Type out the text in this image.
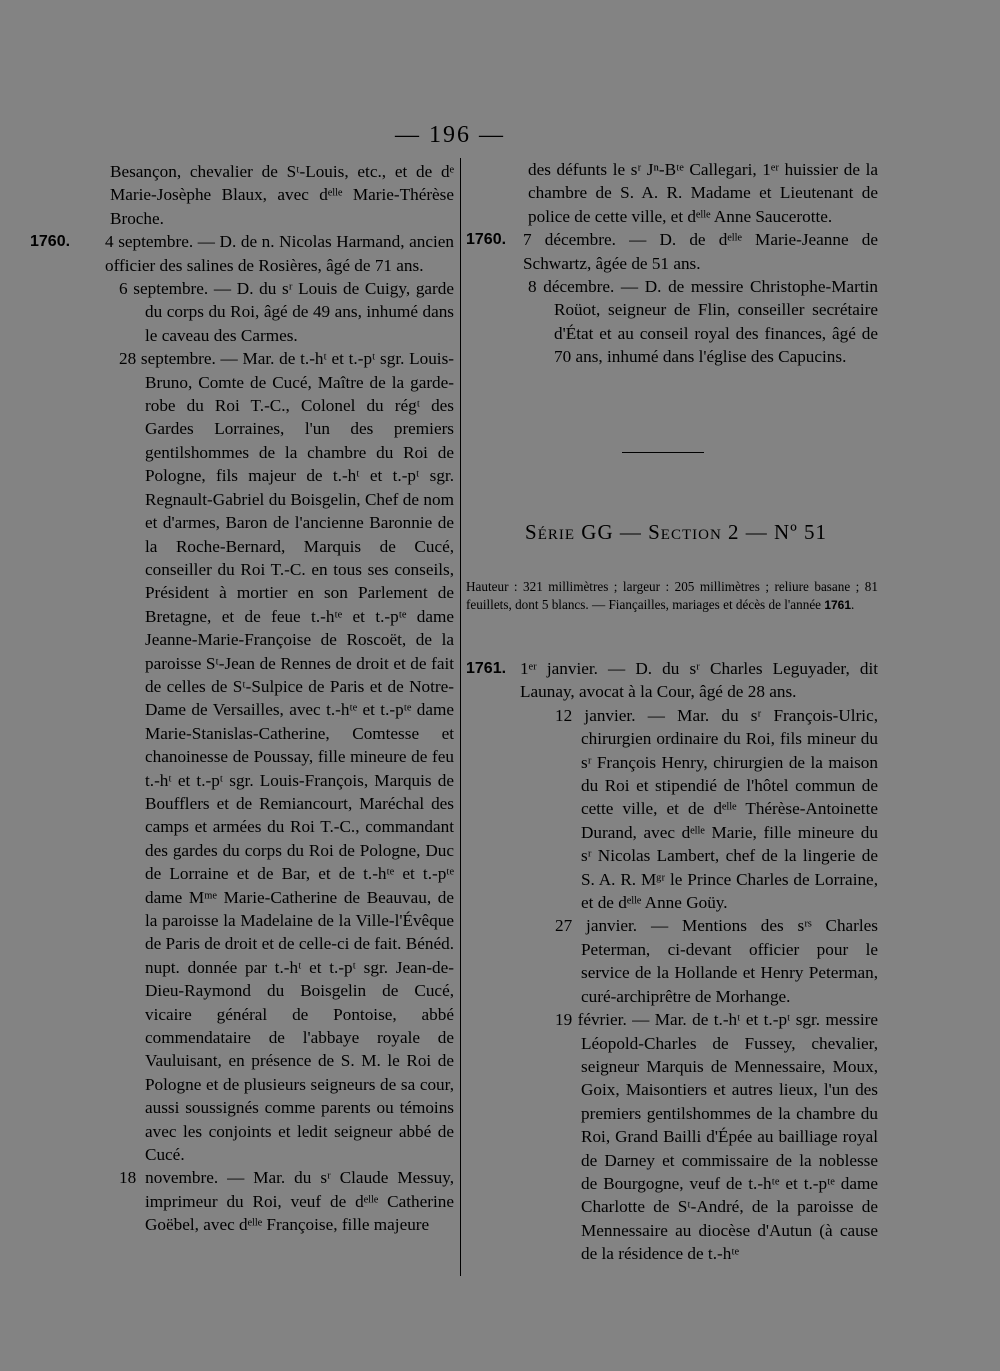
— 196 —
Besançon, chevalier de Sᵗ-Louis, etc., et de dᵉ Marie-Josèphe Blaux, avec dᵉˡˡᵉ Marie-Thérèse Broche.
1760.	4 septembre. — D. de n. Nicolas Harmand, ancien officier des salines de Rosières, âgé de 71 ans.
6 septembre. — D. du sʳ Louis de Cuigy, garde du corps du Roi, âgé de 49 ans, inhumé dans le caveau des Carmes.
28 septembre. — Mar. de t.-hᵗ et t.-pᵗ sgr. Louis-Bruno, Comte de Cucé, Maître de la garde-robe du Roi T.-C., Colonel du régᵗ des Gardes Lorraines, l'un des premiers gentilshommes de la chambre du Roi de Pologne, fils majeur de t.-hᵗ et t.-pᵗ sgr. Regnault-Gabriel du Boisgelin, Chef de nom et d'armes, Baron de l'ancienne Baronnie de la Roche-Bernard, Marquis de Cucé, conseiller du Roi T.-C. en tous ses conseils, Président à mortier en son Parlement de Bretagne, et de feue t.-hᵗᵉ et t.-pᵗᵉ dame Jeanne-Marie-Françoise de Roscoët, de la paroisse Sᵗ-Jean de Rennes de droit et de fait de celles de Sᵗ-Sulpice de Paris et de Notre-Dame de Versailles, avec t.-hᵗᵉ et t.-pᵗᵉ dame Marie-Stanislas-Catherine, Comtesse et chanoinesse de Poussay, fille mineure de feu t.-hᵗ et t.-pᵗ sgr. Louis-François, Marquis de Boufflers et de Remiancourt, Maréchal des camps et armées du Roi T.-C., commandant des gardes du corps du Roi de Pologne, Duc de Lorraine et de Bar, et de t.-hᵗᵉ et t.-pᵗᵉ dame Mᵐᵉ Marie-Catherine de Beauvau, de la paroisse la Madelaine de la Ville-l'Évêque de Paris de droit et de celle-ci de fait. Bénéd. nupt. donnée par t.-hᵗ et t.-pᵗ sgr. Jean-de-Dieu-Raymond du Boisgelin de Cucé, vicaire général de Pontoise, abbé commendataire de l'abbaye royale de Vauluisant, en présence de S. M. le Roi de Pologne et de plusieurs seigneurs de sa cour, aussi soussignés comme parents ou témoins avec les conjoints et ledit seigneur abbé de Cucé.
18 novembre. — Mar. du sʳ Claude Messuy, imprimeur du Roi, veuf de dᵉˡˡᵉ Catherine Goëbel, avec dᵉˡˡᵉ Françoise, fille majeure
des défunts le sʳ Jⁿ-Bᵗᵉ Callegari, 1ᵉʳ huissier de la chambre de S. A. R. Madame et Lieutenant de police de cette ville, et dᵉˡˡᵉ Anne Saucerotte.
1760. 7 décembre. — D. de dᵉˡˡᵉ Marie-Jeanne de Schwartz, âgée de 51 ans.
8 décembre. — D. de messire Christophe-Martin Roüot, seigneur de Flin, conseiller secrétaire d'État et au conseil royal des finances, âgé de 70 ans, inhumé dans l'église des Capucins.
Série GG — Section 2 — Nº 51
Hauteur : 321 millimètres ; largeur : 205 millimètres ; reliure basane ; 81 feuillets, dont 5 blancs. — Fiançailles, mariages et décès de l'année 1761.
1761. 1ᵉʳ janvier. — D. du sʳ Charles Leguyader, dit Launay, avocat à la Cour, âgé de 28 ans.
12 janvier. — Mar. du sʳ François-Ulric, chirurgien ordinaire du Roi, fils mineur du sʳ François Henry, chirurgien de la maison du Roi et stipendié de l'hôtel commun de cette ville, et de dᵉˡˡᵉ Thérèse-Antoinette Durand, avec dᵉˡˡᵉ Marie, fille mineure du sʳ Nicolas Lambert, chef de la lingerie de S. A. R. Mᵍʳ le Prince Charles de Lorraine, et de dᵉˡˡᵉ Anne Goüy.
27 janvier. — Mentions des sʳˢ Charles Peterman, ci-devant officier pour le service de la Hollande et Henry Peterman, curé-archiprêtre de Morhange.
19 février. — Mar. de t.-hᵗ et t.-pᵗ sgr. messire Léopold-Charles de Fussey, chevalier, seigneur Marquis de Mennessaire, Moux, Goix, Maisontiers et autres lieux, l'un des premiers gentilshommes de la chambre du Roi, Grand Bailli d'Épée au bailliage royal de Darney et commissaire de la noblesse de Bourgogne, veuf de t.-hᵗᵉ et t.-pᵗᵉ dame Charlotte de Sᵗ-André, de la paroisse de Mennessaire au diocèse d'Autun (à cause de la résidence de t.-hᵗᵉ
